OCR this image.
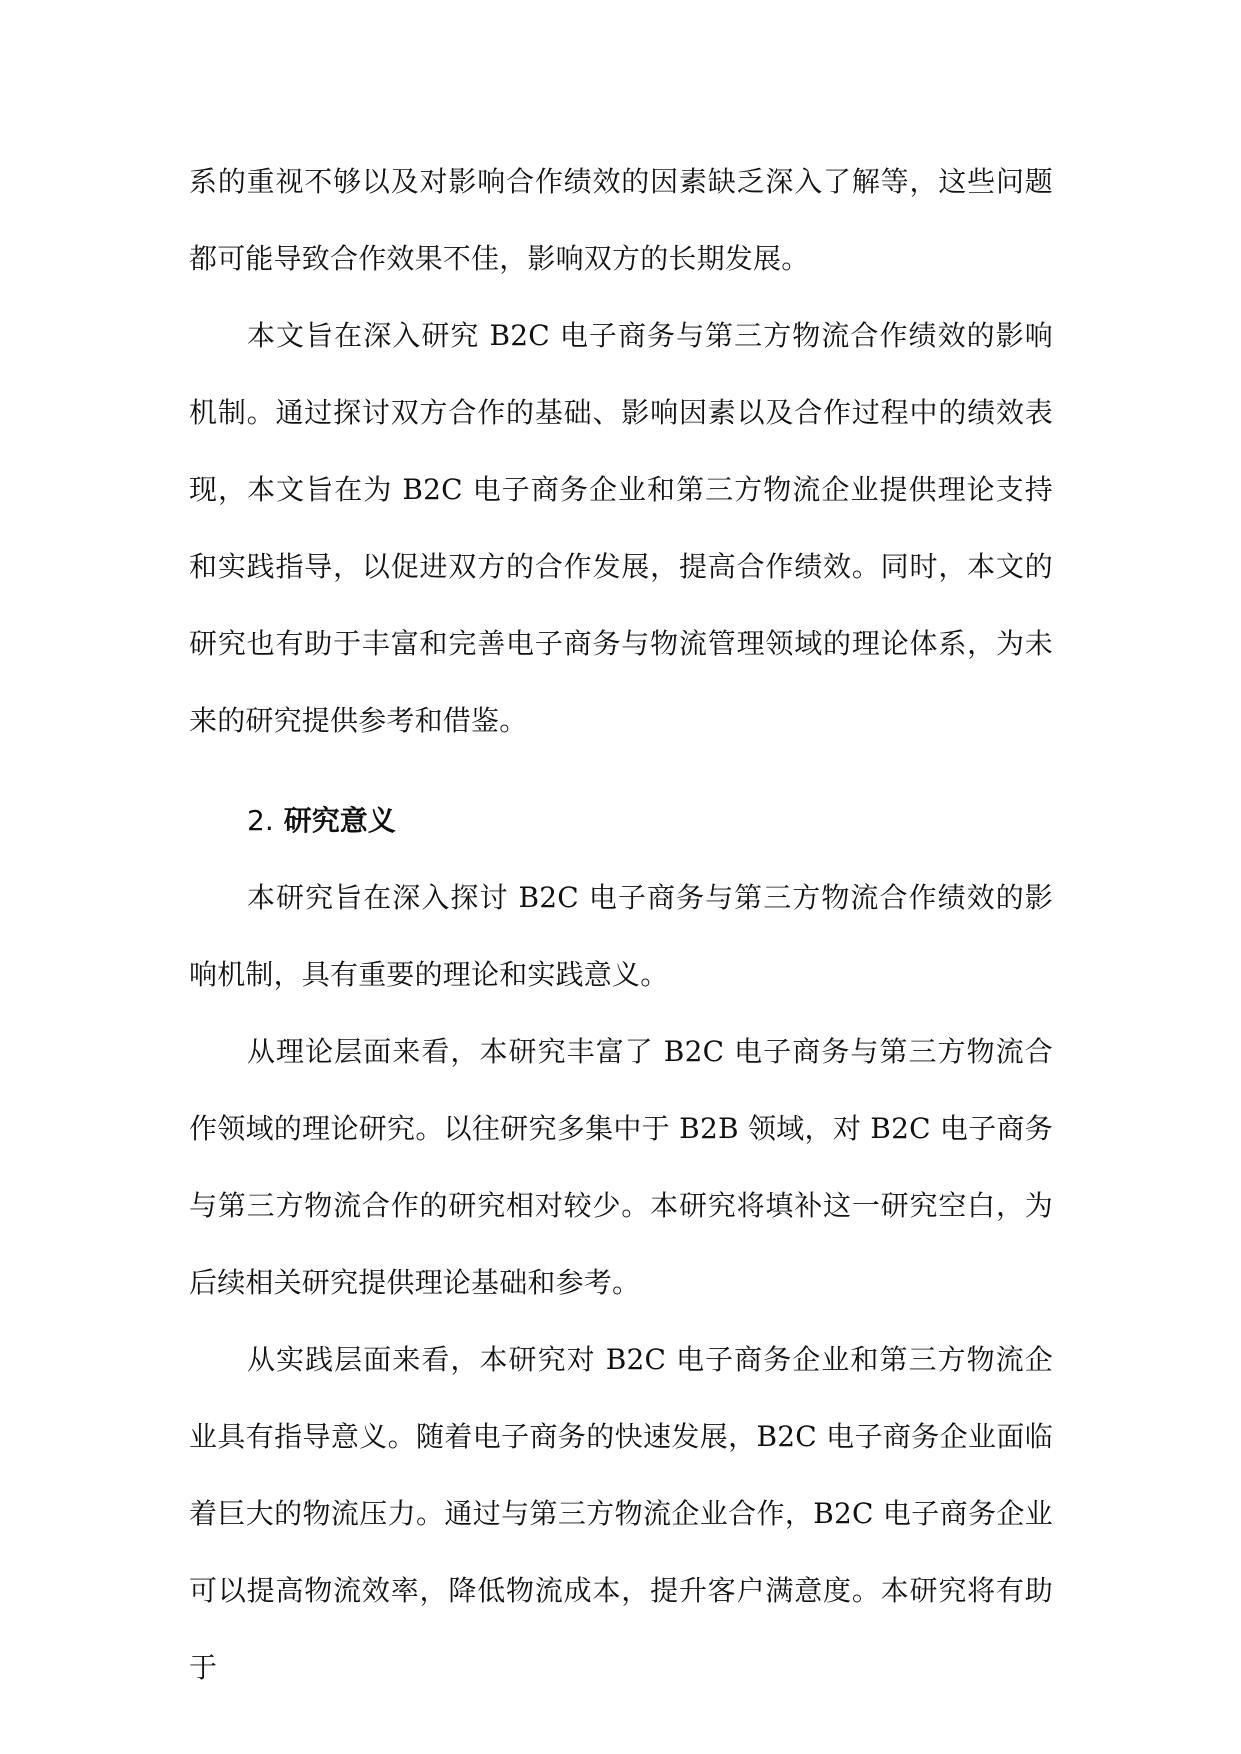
系的重视不够以及对影响合作绩效的因素缺乏深入了解等，这些问题都可能导致合作效果不佳，影响双方的长期发展。

本文旨在深入研究 B2C 电子商务与第三方物流合作绩效的影响机制。通过探讨双方合作的基础、影响因素以及合作过程中的绩效表现，本文旨在为 B2C 电子商务企业和第三方物流企业提供理论支持和实践指导，以促进双方的合作发展，提高合作绩效。同时，本文的研究也有助于丰富和完善电子商务与物流管理领域的理论体系，为未来的研究提供参考和借鉴。

2. 研究意义

本研究旨在深入探讨 B2C 电子商务与第三方物流合作绩效的影响机制，具有重要的理论和实践意义。

从理论层面来看，本研究丰富了 B2C 电子商务与第三方物流合作领域的理论研究。以往研究多集中于 B2B 领域，对 B2C 电子商务与第三方物流合作的研究相对较少。本研究将填补这一研究空白，为后续相关研究提供理论基础和参考。

从实践层面来看，本研究对 B2C 电子商务企业和第三方物流企业具有指导意义。随着电子商务的快速发展，B2C 电子商务企业面临着巨大的物流压力。通过与第三方物流企业合作，B2C 电子商务企业可以提高物流效率，降低物流成本，提升客户满意度。本研究将有助于
